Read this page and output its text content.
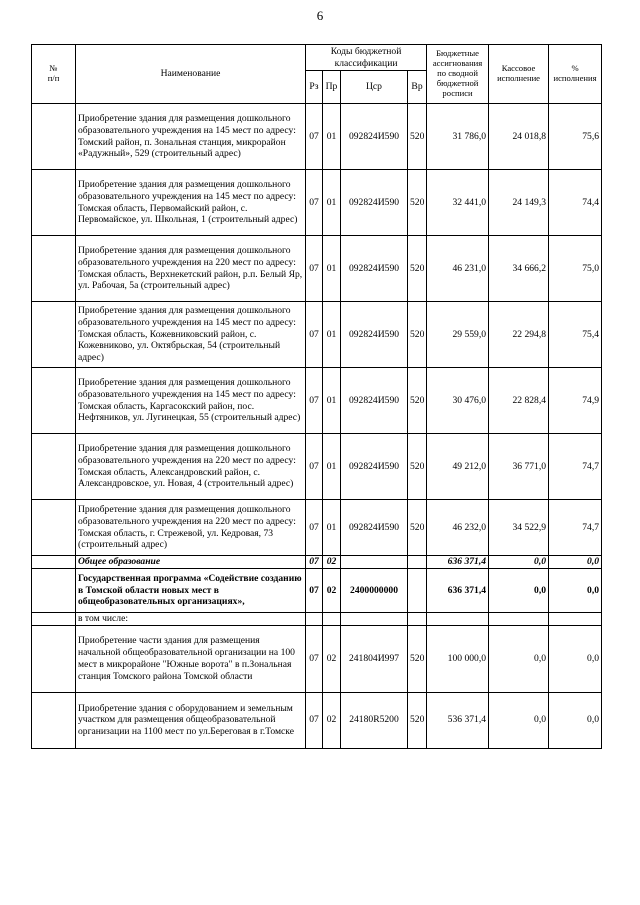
6
№
п/п	Наименование	Коды бюджетной классификации				Бюджетные ассигнования по сводной бюджетной росписи	Кассовое исполнение	% исполнения
		Рз	Пр	Цср	Вр			
	Приобретение здания для размещения дошкольного образовательного учреждения на 145 мест по адресу: Томский район, п. Зональная станция, микрорайон «Радужный», 529 (строительный адрес)	07	01	092824И590	520	31 786,0	24 018,8	75,6
	Приобретение здания для размещения дошкольного образовательного учреждения на 145 мест по адресу: Томская область, Первомайский район, с. Первомайское, ул. Школьная, 1 (строительный адрес)	07	01	092824И590	520	32 441,0	24 149,3	74,4
	Приобретение здания для размещения дошкольного образовательного учреждения на 220 мест по адресу: Томская область, Верхнекетский район, р.п. Белый Яр, ул. Рабочая, 5а (строительный адрес)	07	01	092824И590	520	46 231,0	34 666,2	75,0
	Приобретение здания для размещения дошкольного образовательного учреждения на 145 мест по адресу: Томская область, Кожевниковский район, с. Кожевниково, ул. Октябрьская, 54 (строительный адрес)	07	01	092824И590	520	29 559,0	22 294,8	75,4
	Приобретение здания для размещения дошкольного образовательного учреждения на 145 мест по адресу: Томская область, Каргасокский район, пос. Нефтяников, ул. Лугинецкая, 55 (строительный адрес)	07	01	092824И590	520	30 476,0	22 828,4	74,9
	Приобретение здания для размещения дошкольного образовательного учреждения на 220 мест по адресу: Томская область, Александровский район, с. Александровское, ул. Новая, 4 (строительный адрес)	07	01	092824И590	520	49 212,0	36 771,0	74,7
	Приобретение здания для размещения дошкольного образовательного учреждения на 220 мест по адресу: Томская область, г. Стрежевой, ул. Кедровая, 73 (строительный адрес)	07	01	092824И590	520	46 232,0	34 522,9	74,7
	Общее образование	07	02			636 371,4	0,0	0,0
	Государственная программа «Содействие созданию в Томской области новых мест в общеобразовательных организациях»,	07	02	2400000000		636 371,4	0,0	0,0
	в том числе:							
	Приобретение части здания для размещения начальной общеобразовательной организации на 100 мест в микрорайоне "Южные ворота" в п.Зональная станция Томского района Томской области	07	02	241804И997	520	100 000,0	0,0	0,0
	Приобретение здания с оборудованием и земельным участком для размещения общеобразовательной организации на 1100 мест по ул.Береговая в г.Томске	07	02	24180R5200	520	536 371,4	0,0	0,0
